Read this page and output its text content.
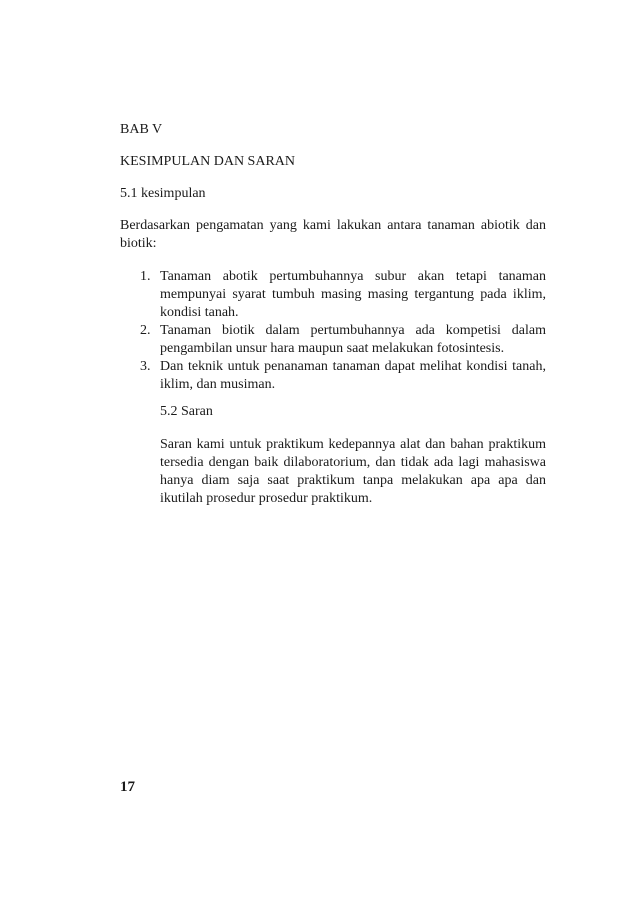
BAB V

KESIMPULAN DAN SARAN

5.1 kesimpulan

Berdasarkan pengamatan yang kami lakukan antara tanaman abiotik dan biotik:

1. Tanaman abotik pertumbuhannya subur akan tetapi tanaman mempunyai syarat tumbuh masing masing tergantung pada iklim, kondisi tanah.
2. Tanaman biotik dalam pertumbuhannya ada kompetisi dalam pengambilan unsur hara maupun saat melakukan fotosintesis.
3. Dan teknik untuk penanaman tanaman dapat melihat kondisi tanah, iklim, dan musiman.

5.2 Saran

Saran kami untuk praktikum kedepannya alat dan bahan praktikum tersedia dengan baik dilaboratorium, dan tidak ada lagi mahasiswa hanya diam saja saat praktikum tanpa melakukan apa apa dan ikutilah prosedur prosedur praktikum.

17
